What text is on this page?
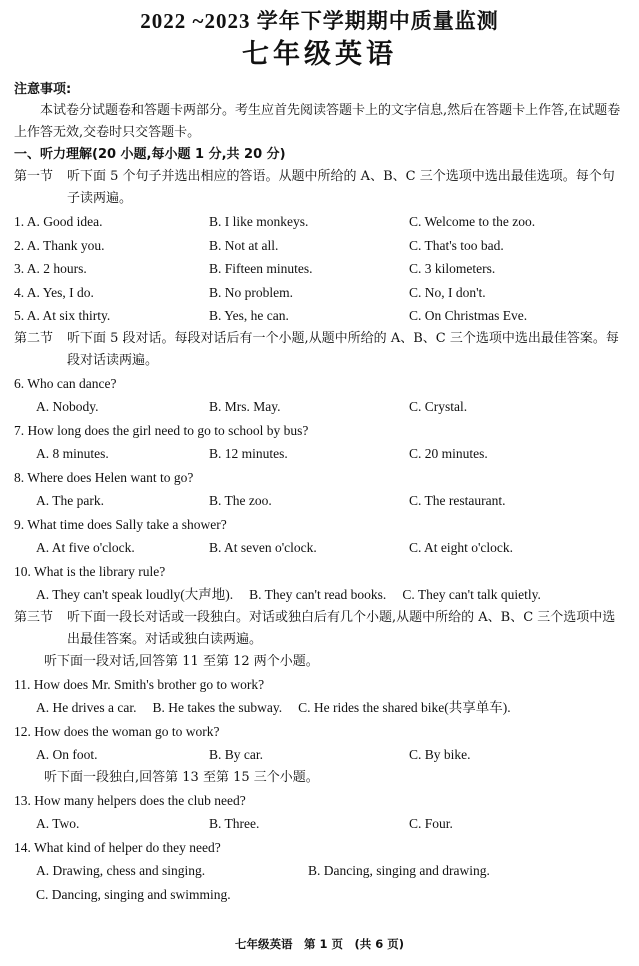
2022 ~2023 学年下学期期中质量监测
七年级英语
注意事项:
本试卷分试题卷和答题卡两部分。考生应首先阅读答题卡上的文字信息,然后在答题卡上作答,在试题卷上作答无效,交卷时只交答题卡。
一、听力理解(20 小题,每小题 1 分,共 20 分)
第一节 听下面 5 个句子并选出相应的答语。从题中所给的 A、B、C 三个选项中选出最佳选项。每个句子读两遍。
1. A. Good idea.	B. I like monkeys.	C. Welcome to the zoo.
2. A. Thank you.	B. Not at all.	C. That's too bad.
3. A. 2 hours.	B. Fifteen minutes.	C. 3 kilometers.
4. A. Yes, I do.	B. No problem.	C. No, I don't.
5. A. At six thirty.	B. Yes, he can.	C. On Christmas Eve.
第二节 听下面 5 段对话。每段对话后有一个小题,从题中所给的 A、B、C 三个选项中选出最佳答案。每段对话读两遍。
6. Who can dance?
A. Nobody.	B. Mrs. May.	C. Crystal.
7. How long does the girl need to go to school by bus?
A. 8 minutes.	B. 12 minutes.	C. 20 minutes.
8. Where does Helen want to go?
A. The park.	B. The zoo.	C. The restaurant.
9. What time does Sally take a shower?
A. At five o'clock.	B. At seven o'clock.	C. At eight o'clock.
10. What is the library rule?
A. They can't speak loudly(大声地). B. They can't read books. C. They can't talk quietly.
第三节 听下面一段长对话或一段独白。对话或独白后有几个小题,从题中所给的 A、B、C 三个选项中选出最佳答案。对话或独白读两遍。
听下面一段对话,回答第 11 至第 12 两个小题。
11. How does Mr. Smith's brother go to work?
A. He drives a car. B. He takes the subway. C. He rides the shared bike(共享单车).
12. How does the woman go to work?
A. On foot.	B. By car.	C. By bike.
听下面一段独白,回答第 13 至第 15 三个小题。
13. How many helpers does the club need?
A. Two.	B. Three.	C. Four.
14. What kind of helper do they need?
A. Drawing, chess and singing.	B. Dancing, singing and drawing.
C. Dancing, singing and swimming.
七年级英语　第 1 页　(共 6 页)
